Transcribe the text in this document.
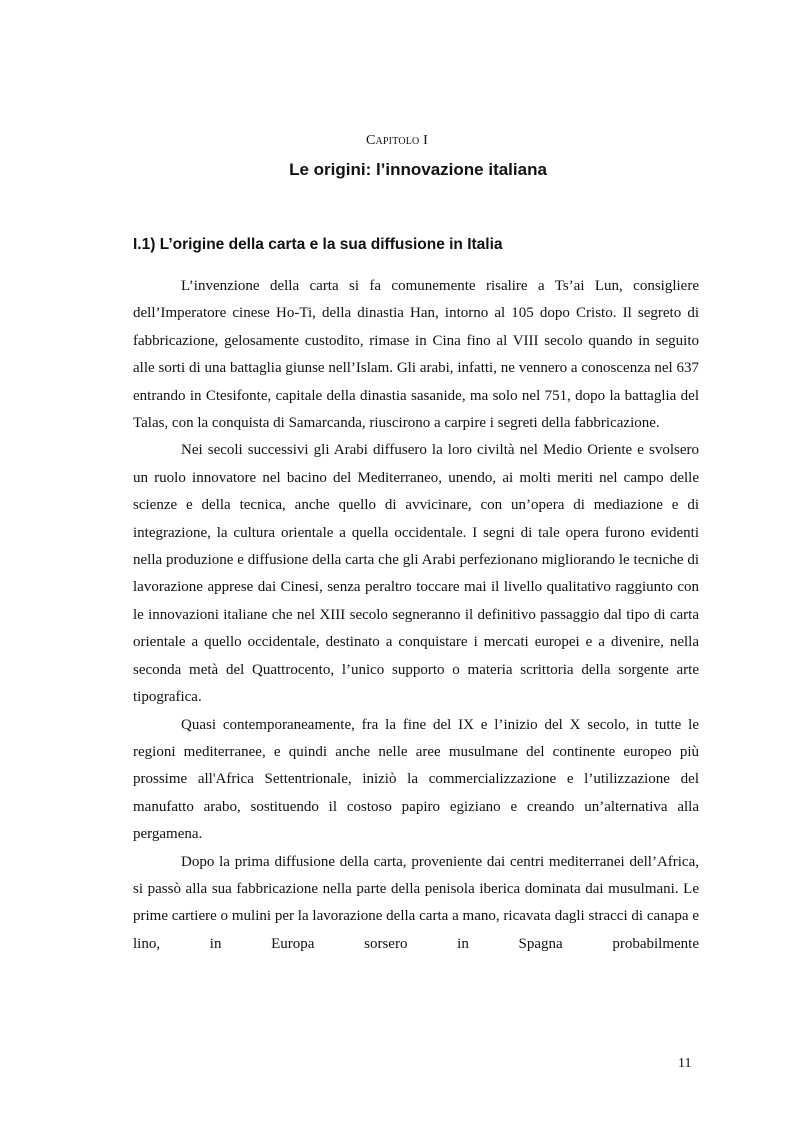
Capitolo I
Le origini: l’innovazione italiana
I.1) L’origine della carta e la sua diffusione in Italia

L’invenzione della carta si fa comunemente risalire a Ts’ai Lun, consigliere dell’Imperatore cinese Ho-Ti, della dinastia Han, intorno al 105 dopo Cristo. Il segreto di fabbricazione, gelosamente custodito, rimase in Cina fino al VIII secolo quando in seguito alle sorti di una battaglia giunse nell’Islam. Gli arabi, infatti, ne vennero a conoscenza nel 637 entrando in Ctesifonte, capitale della dinastia sasanide, ma solo nel 751, dopo la battaglia del Talas, con la conquista di Samarcanda, riuscirono a carpire i segreti della fabbricazione.

Nei secoli successivi gli Arabi diffusero la loro civiltà nel Medio Oriente e svolsero un ruolo innovatore nel bacino del Mediterraneo, unendo, ai molti meriti nel campo delle scienze e della tecnica, anche quello di avvicinare, con un’opera di mediazione e di integrazione, la cultura orientale a quella occidentale. I segni di tale opera furono evidenti nella produzione e diffusione della carta che gli Arabi perfezionano migliorando le tecniche di lavorazione apprese dai Cinesi, senza peraltro toccare mai il livello qualitativo raggiunto con le innovazioni italiane che nel XIII secolo segneranno il definitivo passaggio dal tipo di carta orientale a quello occidentale, destinato a conquistare i mercati europei e a divenire, nella seconda metà del Quattrocento, l’unico supporto o materia scrittoria della sorgente arte tipografica.

Quasi contemporaneamente, fra la fine del IX e l’inizio del X secolo, in tutte le regioni mediterranee, e quindi anche nelle aree musulmane del continente europeo più prossime all'Africa Settentrionale, iniziò la commercializzazione e l’utilizzazione del manufatto arabo, sostituendo il costoso papiro egiziano e creando un’alternativa alla pergamena.

Dopo la prima diffusione della carta, proveniente dai centri mediterranei dell’Africa, si passò alla sua fabbricazione nella parte della penisola iberica dominata dai musulmani. Le prime cartiere o mulini per la lavorazione della carta a mano, ricavata dagli stracci di canapa e lino, in Europa sorsero in Spagna probabilmente

11
